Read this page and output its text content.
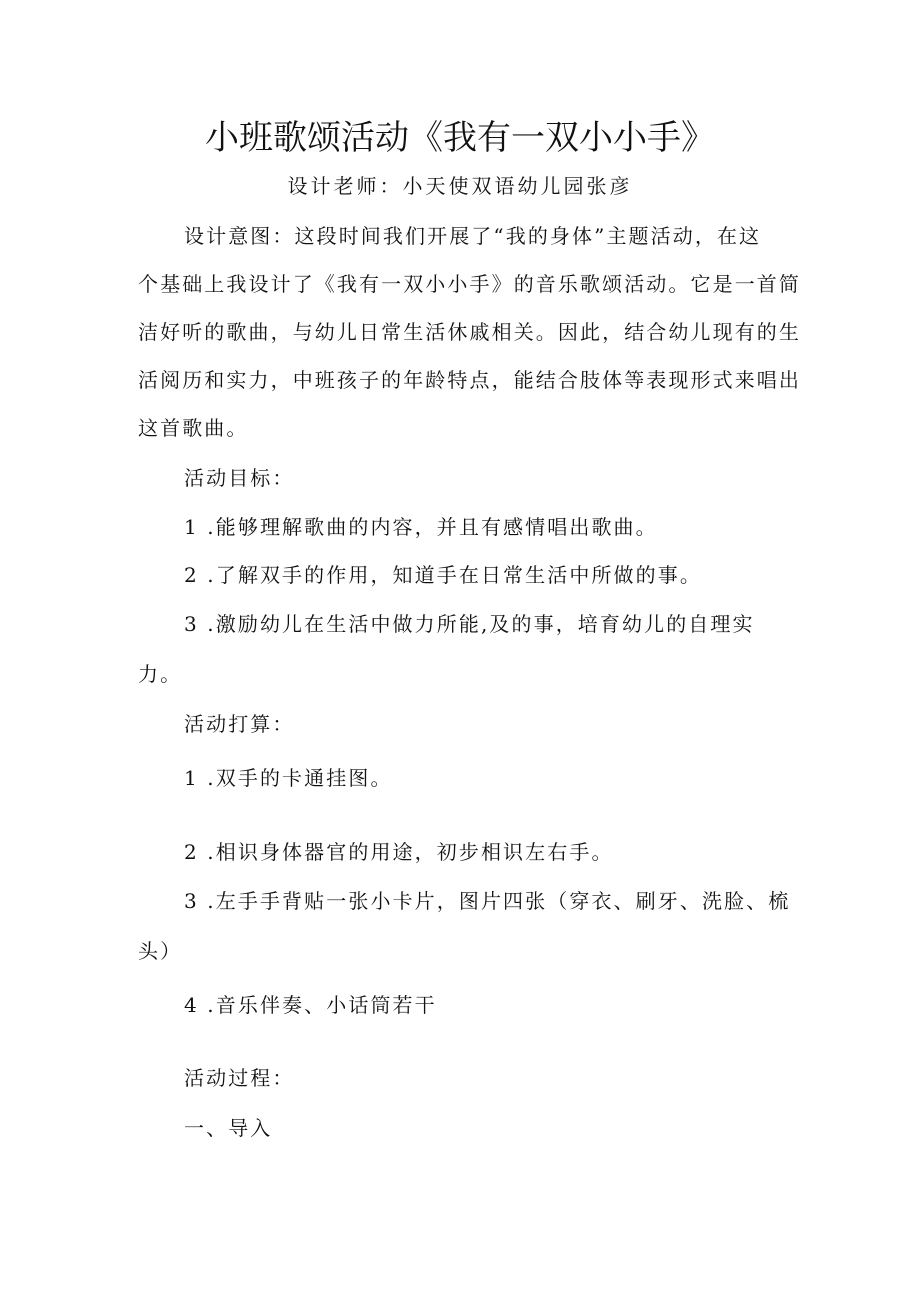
小班歌颂活动《我有一双小小手》
设计老师：小天使双语幼儿园张彦
设计意图：这段时间我们开展了“我的身体”主题活动，在这
个基础上我设计了《我有一双小小手》的音乐歌颂活动。它是一首简
洁好听的歌曲，与幼儿日常生活休戚相关。因此，结合幼儿现有的生
活阅历和实力，中班孩子的年龄特点，能结合肢体等表现形式来唱出
这首歌曲。
活动目标：
1 .能够理解歌曲的内容，并且有感情唱出歌曲。
2 .了解双手的作用，知道手在日常生活中所做的事。
3 .激励幼儿在生活中做力所能,及的事，培育幼儿的自理实
力。
活动打算：
1 .双手的卡通挂图。
2 .相识身体器官的用途，初步相识左右手。
3 .左手手背贴一张小卡片，图片四张（穿衣、刷牙、洗脸、梳
头）
4 .音乐伴奏、小话筒若干
活动过程：
一、导入
